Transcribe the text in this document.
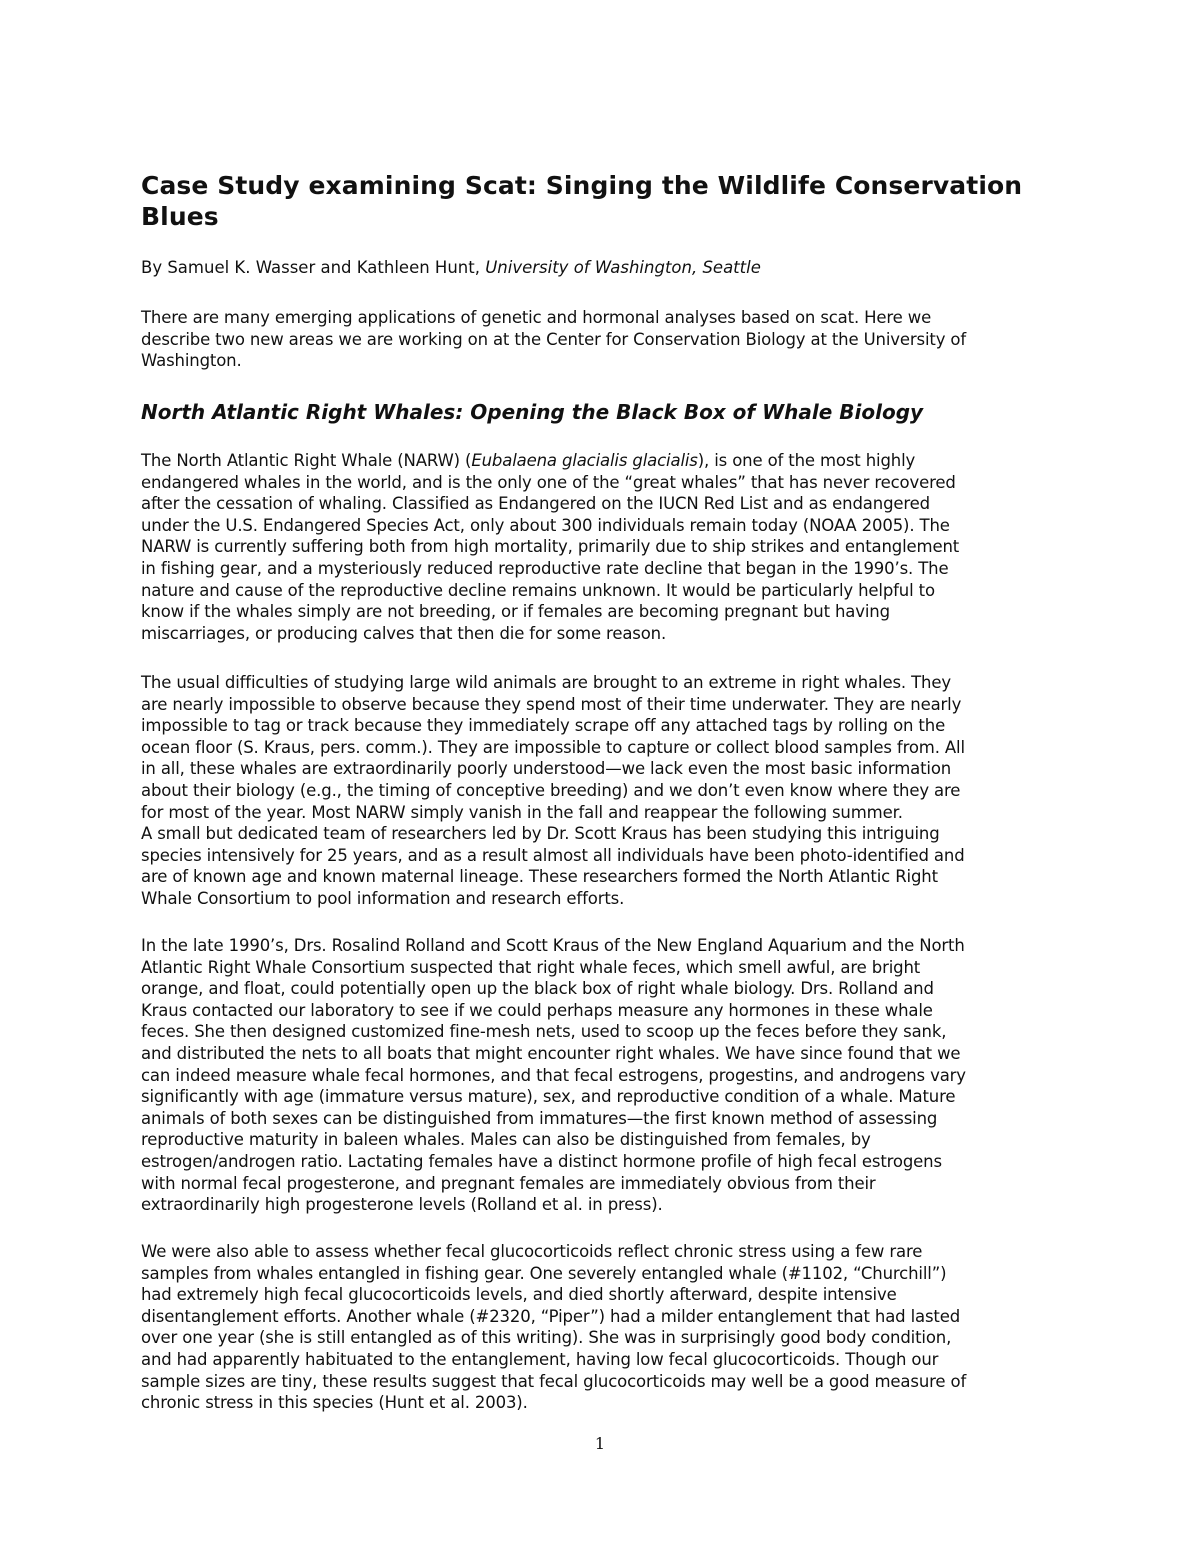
Case Study examining Scat: Singing the Wildlife Conservation Blues

By Samuel K. Wasser and Kathleen Hunt, University of Washington, Seattle

There are many emerging applications of genetic and hormonal analyses based on scat. Here we
describe two new areas we are working on at the Center for Conservation Biology at the University of
Washington.

North Atlantic Right Whales: Opening the Black Box of Whale Biology

The North Atlantic Right Whale (NARW) (Eubalaena glacialis glacialis), is one of the most highly
endangered whales in the world, and is the only one of the “great whales” that has never recovered
after the cessation of whaling. Classified as Endangered on the IUCN Red List and as endangered
under the U.S. Endangered Species Act, only about 300 individuals remain today (NOAA 2005). The
NARW is currently suffering both from high mortality, primarily due to ship strikes and entanglement
in fishing gear, and a mysteriously reduced reproductive rate decline that began in the 1990’s. The
nature and cause of the reproductive decline remains unknown. It would be particularly helpful to
know if the whales simply are not breeding, or if females are becoming pregnant but having
miscarriages, or producing calves that then die for some reason.

The usual difficulties of studying large wild animals are brought to an extreme in right whales. They
are nearly impossible to observe because they spend most of their time underwater. They are nearly
impossible to tag or track because they immediately scrape off any attached tags by rolling on the
ocean floor (S. Kraus, pers. comm.). They are impossible to capture or collect blood samples from. All
in all, these whales are extraordinarily poorly understood—we lack even the most basic information
about their biology (e.g., the timing of conceptive breeding) and we don’t even know where they are
for most of the year. Most NARW simply vanish in the fall and reappear the following summer.
A small but dedicated team of researchers led by Dr. Scott Kraus has been studying this intriguing
species intensively for 25 years, and as a result almost all individuals have been photo-identified and
are of known age and known maternal lineage. These researchers formed the North Atlantic Right
Whale Consortium to pool information and research efforts.

In the late 1990’s, Drs. Rosalind Rolland and Scott Kraus of the New England Aquarium and the North
Atlantic Right Whale Consortium suspected that right whale feces, which smell awful, are bright
orange, and float, could potentially open up the black box of right whale biology. Drs. Rolland and
Kraus contacted our laboratory to see if we could perhaps measure any hormones in these whale
feces. She then designed customized fine-mesh nets, used to scoop up the feces before they sank,
and distributed the nets to all boats that might encounter right whales. We have since found that we
can indeed measure whale fecal hormones, and that fecal estrogens, progestins, and androgens vary
significantly with age (immature versus mature), sex, and reproductive condition of a whale. Mature
animals of both sexes can be distinguished from immatures—the first known method of assessing
reproductive maturity in baleen whales. Males can also be distinguished from females, by
estrogen/androgen ratio. Lactating females have a distinct hormone profile of high fecal estrogens
with normal fecal progesterone, and pregnant females are immediately obvious from their
extraordinarily high progesterone levels (Rolland et al. in press).

We were also able to assess whether fecal glucocorticoids reflect chronic stress using a few rare
samples from whales entangled in fishing gear. One severely entangled whale (#1102, “Churchill”)
had extremely high fecal glucocorticoids levels, and died shortly afterward, despite intensive
disentanglement efforts. Another whale (#2320, “Piper”) had a milder entanglement that had lasted
over one year (she is still entangled as of this writing). She was in surprisingly good body condition,
and had apparently habituated to the entanglement, having low fecal glucocorticoids. Though our
sample sizes are tiny, these results suggest that fecal glucocorticoids may well be a good measure of
chronic stress in this species (Hunt et al. 2003).

1
